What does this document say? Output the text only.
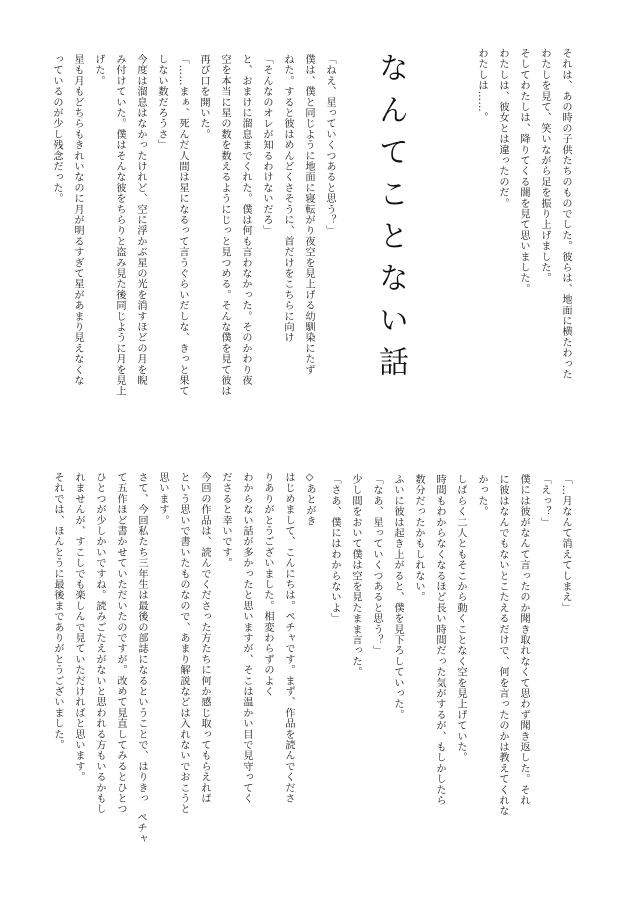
それは、あの時の子供たちのものでした。彼らは、地面に横たわった
わたしを見て、笑いながら足を振り上げました。
そしてわたしは、降りてくる闇を見て思いました。
わたしは、彼女とは違ったのだ。
わたしは……。
なんてことない話
「ねえ、星っていくつあると思う？」
僕は、僕と同じように地面に寝転がり夜空を見上げる幼馴染にたず
ねた。すると彼はめんどくさそうに、首だけをこちらに向け
「そんなのオレが知るわけないだろ」
と、おまけに溜息までくれた。僕は何も言わなかった。そのかわり夜
空を本当に星の数を数えるようにじっと見つめる。そんな僕を見て彼は
再び口を開いた。
「……まぁ、死んだ人間は星になるって言うぐらいだしな、きっと果て
しない数だろうさ」
今度は溜息はなかったけれど、空に浮かぶ星の光を消すほどの月を睨
み付けていた。僕はそんな彼をちらりと盗み見た後同じように月を見上
げた。
星も月もどちらもきれいなのに月が明るすぎて星があまり見えなくな
っているのが少し残念だった。
「…月なんて消えてしまえ」
「えっ？」
僕には彼がなんて言ったのか聞き取れなくて思わず聞き返した。それ
に彼はなんでもないとこたえるだけで、何を言ったのかは教えてくれな
かった。
しばらく二人ともそこから動くことなく空を見上げていた。
時間もわからなくなるほど長い時間だった気がするが、もしかしたら
数分だったかもしれない。
ふいに彼は起き上がると、僕を見下ろしていった。
「なあ、星っていくつあると思う？」
少し間をおいて僕は空を見たまま言った。
「さあ、僕にはわからないよ」
◇あとがき
はじめまして、こんにちは。ペチャです。まず、作品を読んでくださ
りありがとうございました。相変わらずのよく
わからない話が多かったと思いますが、そこは温かい目で見守ってく
ださると幸いです。
今回の作品は、読んでくださった方たちに何か感じ取ってもらえれば
という思いで書いたものなので、あまり解説などは入れないでおこうと
思います。
さて、今回私たち三年生は最後の部誌になるということで、はりきっ
て五作ほど書かせていただいたのですが。改めて見直してみるとひとつ
ひとつが少しかいですね。読みごたえがないと思われる方もいるかもし
れませんが、すこしでも楽しんで見ていただければと思います。
それでは、ほんとうに最後までありがとうございました。
ペチャ
